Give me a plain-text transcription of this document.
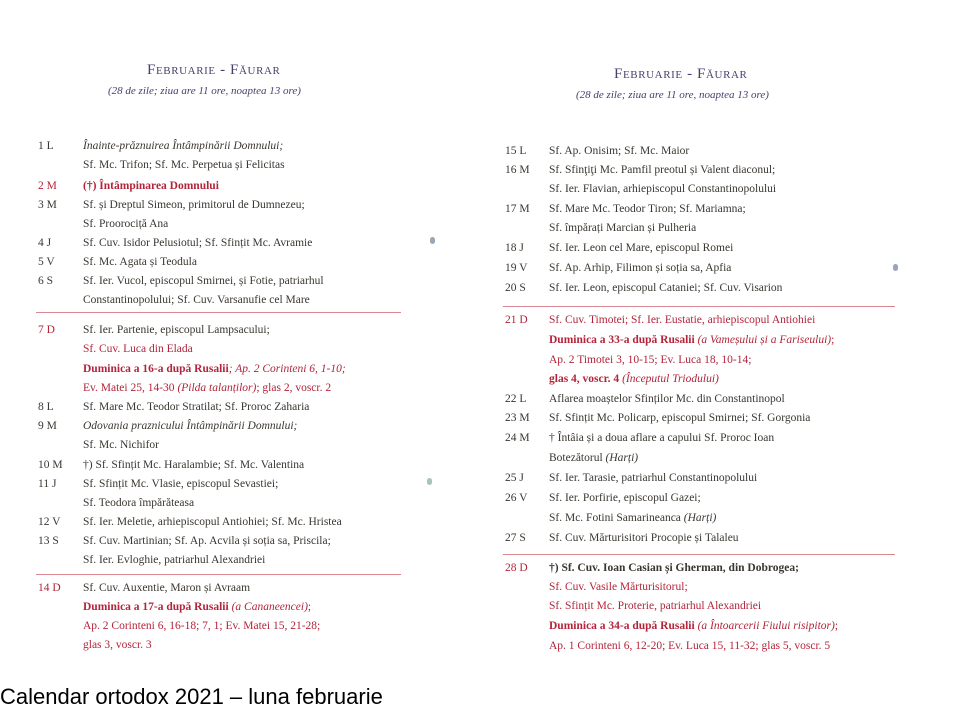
Februarie - Făurar
(28 de zile; ziua are 11 ore, noaptea 13 ore)
1 L	Înainte-prăznuirea Întâmpinării Domnului;
Sf. Mc. Trifon; Sf. Mc. Perpetua și Felicitas
2 M (†) Întâmpinarea Domnului
3 M Sf. și Dreptul Simeon, primitorul de Dumnezeu;
Sf. Proorociță Ana
4 J	Sf. Cuv. Isidor Pelusiotul; Sf. Sfințit Mc. Avramie
5 V Sf. Mc. Agata și Teodula
6 S	Sf. Ier. Vucol, episcopul Smirnei, și Fotie, patriarhul
Constantinopolului; Sf. Cuv. Varsanufie cel Mare
7 D Sf. Ier. Partenie, episcopul Lampsacului;
Sf. Cuv. Luca din Elada
Duminica a 16-a după Rusalii; Ap. 2 Corinteni 6, 1-10;
Ev. Matei 25, 14-30 (Pilda talanților); glas 2, voscr. 2
8 L	Sf. Mare Mc. Teodor Stratilat; Sf. Proroc Zaharia
9 M Odovania praznicului Întâmpinării Domnului;
Sf. Mc. Nichifor
10 M †) Sf. Sfințit Mc. Haralambie; Sf. Mc. Valentina
11 J Sf. Sfințit Mc. Vlasie, episcopul Sevastiei;
Sf. Teodora împărăteasa
12 V Sf. Ier. Meletie, arhiepiscopul Antiohiei; Sf. Mc. Hristea
13 S Sf. Cuv. Martinian; Sf. Ap. Acvila și soția sa, Priscila;
Sf. Ier. Evloghie, patriarhul Alexandriei
14 D Sf. Cuv. Auxentie, Maron și Avraam
Duminica a 17-a după Rusalii (a Cananeencei);
Ap. 2 Corinteni 6, 16-18; 7, 1; Ev. Matei 15, 21-28;
glas 3, voscr. 3
Februarie - Făurar
(28 de zile; ziua are 11 ore, noaptea 13 ore)
15 L Sf. Ap. Onisim; Sf. Mc. Maior
16 M Sf. Sfinţiţi Mc. Pamfil preotul și Valent diaconul;
Sf. Ier. Flavian, arhiepiscopul Constantinopolului
17 M Sf. Mare Mc. Teodor Tiron; Sf. Mariamna;
Sf. împărați Marcian și Pulheria
18 J Sf. Ier. Leon cel Mare, episcopul Romei
19 V Sf. Ap. Arhip, Filimon și soția sa, Apfia
20 S Sf. Ier. Leon, episcopul Cataniei; Sf. Cuv. Visarion
21 D Sf. Cuv. Timotei; Sf. Ier. Eustatie, arhiepiscopul Antiohiei
Duminica a 33-a după Rusalii (a Vameșului și a Fariseului);
Ap. 2 Timotei 3, 10-15; Ev. Luca 18, 10-14;
glas 4, voscr. 4 (Începutul Triodului)
22 L Aflarea moaștelor Sfinților Mc. din Constantinopol
23 M Sf. Sfințit Mc. Policarp, episcopul Smirnei; Sf. Gorgonia
24 M † Întâia și a doua aflare a capului Sf. Proroc Ioan
Botezătorul (Harți)
25 J Sf. Ier. Tarasie, patriarhul Constantinopolului
26 V Sf. Ier. Porfirie, episcopul Gazei;
Sf. Mc. Fotini Samarineanca (Harți)
27 S Sf. Cuv. Mărturisitori Procopie și Talaleu
28 D †) Sf. Cuv. Ioan Casian și Gherman, din Dobrogea;
Sf. Cuv. Vasile Mărturisitorul;
Sf. Sfințit Mc. Proterie, patriarhul Alexandriei
Duminica a 34-a după Rusalii (a Întoarcerii Fiului risipitor);
Ap. 1 Corinteni 6, 12-20; Ev. Luca 15, 11-32; glas 5, voscr. 5
Calendar ortodox 2021 – luna februarie
